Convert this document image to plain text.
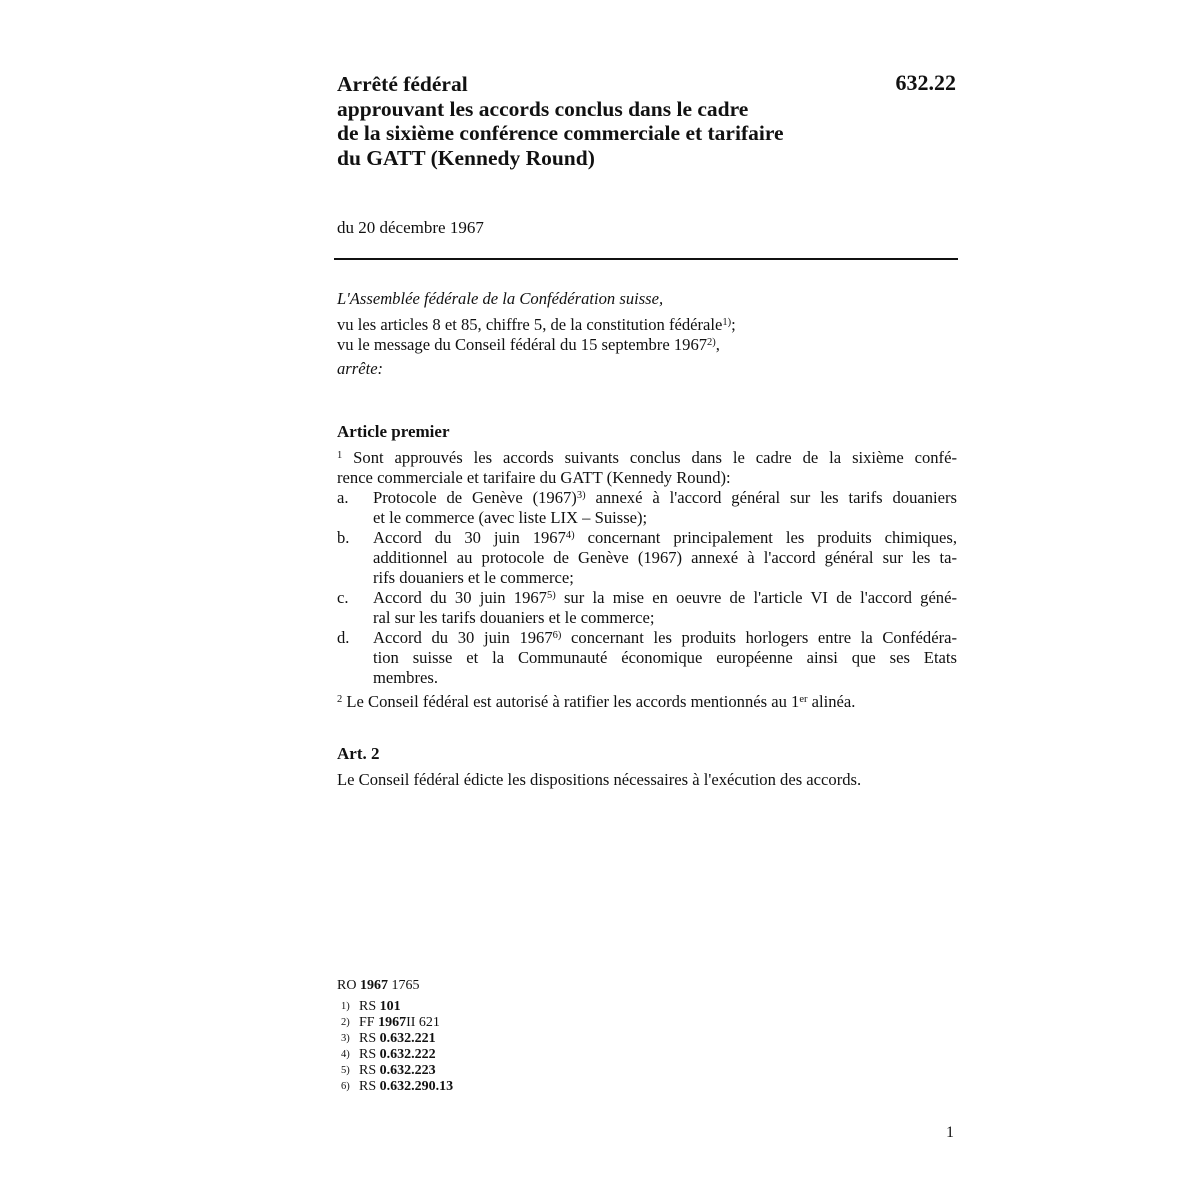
Arrêté fédéral
approuvant les accords conclus dans le cadre
de la sixième conférence commerciale et tarifaire
du GATT (Kennedy Round)
632.22
du 20 décembre 1967
L'Assemblée fédérale de la Confédération suisse,
vu les articles 8 et 85, chiffre 5, de la constitution fédérale$^{1)}$;
vu le message du Conseil fédéral du 15 septembre 1967$^{2)}$,
arrête:
Article premier
$^1$ Sont approuvés les accords suivants conclus dans le cadre de la sixième confé-
rence commerciale et tarifaire du GATT (Kennedy Round):
a.	Protocole de Genève $(1967)^{3)}$ annexé à l'accord général sur les tarifs douaniers
et le commerce (avec liste LIX – Suisse);
b.	Accord du 30 juin 1967$^{4)}$ concernant principalement les produits chimiques,
additionnel au protocole de Genève (1967) annexé à l'accord général sur les ta-
rifs douaniers et le commerce;
c.	Accord du 30 juin 1967$^{5)}$ sur la mise en oeuvre de l'article VI de l'accord géné-
ral sur les tarifs douaniers et le commerce;
d.	Accord du 30 juin 1967$^{6)}$ concernant les produits horlogers entre la Confédéra-
tion suisse et la Communauté économique européenne ainsi que ses Etats
membres.
$^2$ Le Conseil fédéral est autorisé à ratifier les accords mentionnés au 1er alinéa.
Art. 2
Le Conseil fédéral édicte les dispositions nécessaires à l'exécution des accords.
RO 1967 1765
1) RS
101
2) FF
1967 II 621
3) RS
0.632.221
4) RS
0.632.222
5) RS
0.632.223
6) RS
0.632.290.13
1
